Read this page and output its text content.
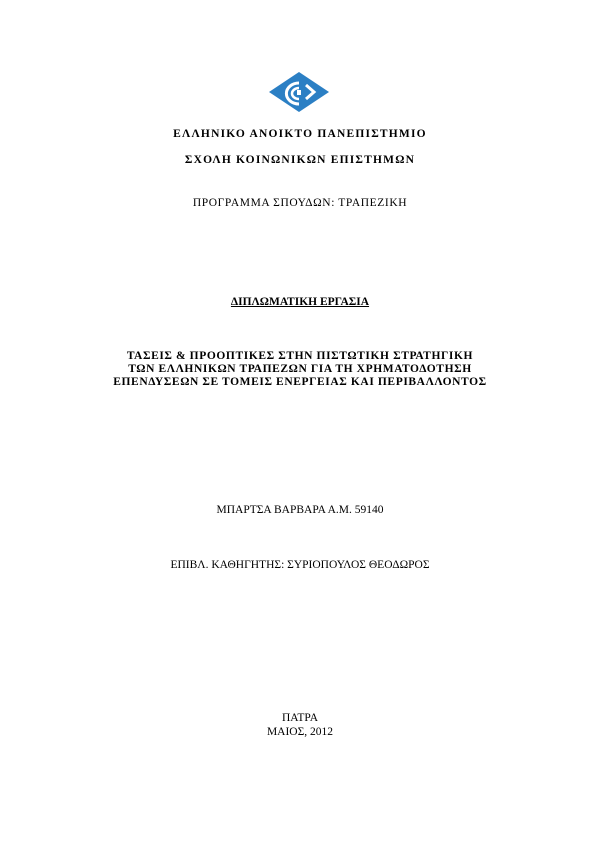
ΕΛΛΗΝΙΚΟ ΑΝΟΙΚΤΟ ΠΑΝΕΠΙΣΤΗΜΙΟ
ΣΧΟΛΗ ΚΟΙΝΩΝΙΚΩΝ ΕΠΙΣΤΗΜΩΝ
ΠΡΟΓΡΑΜΜΑ ΣΠΟΥΔΩΝ: ΤΡΑΠΕΖΙΚΗ
ΔΙΠΛΩΜΑΤΙΚΗ ΕΡΓΑΣΙΑ
ΤΑΣΕΙΣ & ΠΡΟΟΠΤΙΚΕΣ ΣΤΗΝ ΠΙΣΤΩΤΙΚΗ ΣΤΡΑΤΗΓΙΚΗ
ΤΩΝ ΕΛΛΗΝΙΚΩΝ ΤΡΑΠΕΖΩΝ ΓΙΑ ΤΗ ΧΡΗΜΑΤΟΔΟΤΗΣΗ
ΕΠΕΝΔΥΣΕΩΝ ΣΕ ΤΟΜΕΙΣ ΕΝΕΡΓΕΙΑΣ ΚΑΙ ΠΕΡΙΒΑΛΛΟΝΤΟΣ
ΜΠΑΡΤΣΑ ΒΑΡΒΑΡΑ Α.Μ. 59140
ΕΠΙΒΛ. ΚΑΘΗΓΗΤΗΣ: ΣΥΡΙΟΠΟΥΛΟΣ ΘΕΟΔΩΡΟΣ
ΠΑΤΡΑ
ΜΑΙΟΣ, 2012
